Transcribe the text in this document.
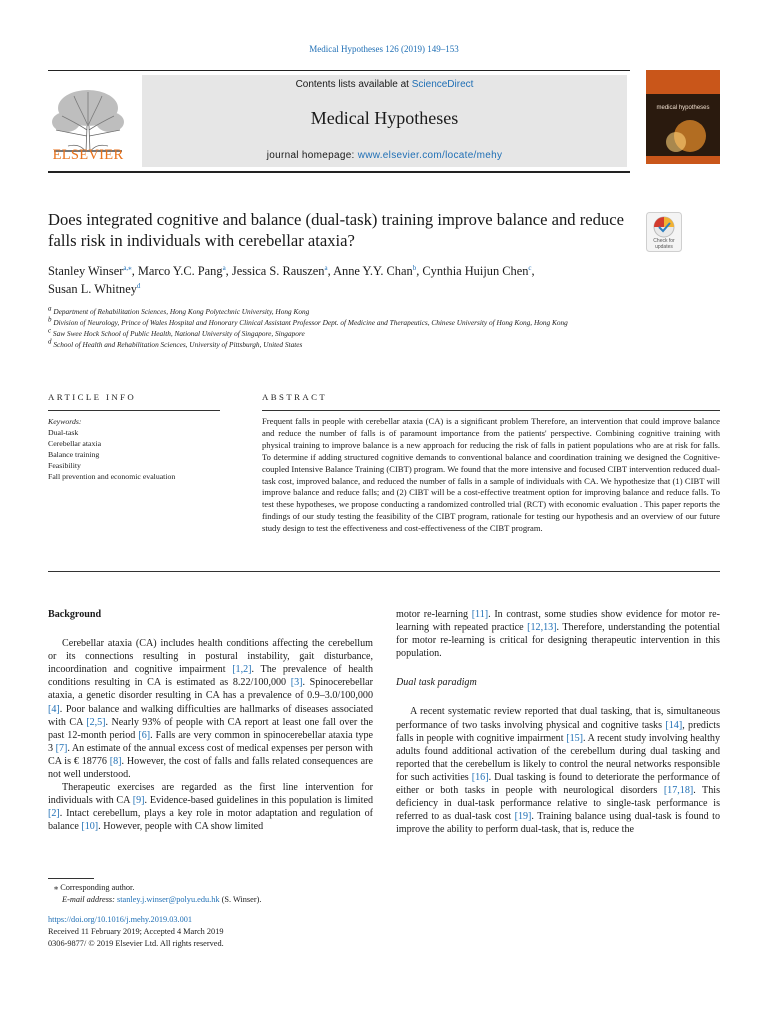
Medical Hypotheses 126 (2019) 149–153
ELSEVIER
Contents lists available at ScienceDirect
Medical Hypotheses
journal homepage: www.elsevier.com/locate/mehy
medical hypotheses
Does integrated cognitive and balance (dual-task) training improve balance and reduce falls risk in individuals with cerebellar ataxia?	Check for
updates
Stanley Winser$^{a,⁎}$, Marco Y.C. Pang$^a$, Jessica S. Rauszen$^a$, Anne Y.Y. Chan$^b$, Cynthia Huijun Chen$^c$,
Susan L. Whitney$^d$
$^a$ Department of Rehabilitation Sciences, Hong Kong Polytechnic University, Hong Kong
$^b$ Division of Neurology, Prince of Wales Hospital and Honorary Clinical Assistant Professor Dept. of Medicine and Therapeutics, Chinese University of Hong Kong, Hong Kong
$^c$ Saw Swee Hock School of Public Health, National University of Singapore, Singapore
$^d$ School of Health and Rehabilitation Sciences, University of Pittsburgh, United States
ARTICLE INFO	ABSTRACT
Keywords:
Dual-task
Cerebellar ataxia
Balance training
Feasibility
Fall prevention and economic evaluation
Frequent falls in people with cerebellar ataxia (CA) is a significant problem Therefore, an intervention that could improve balance and reduce the number of falls is of paramount importance from the patients' perspective. Combining cognitive training with physical training to improve balance is a new approach for reducing the risk of falls in patient populations who are at risk for falls. To determine if adding structured cognitive demands to conventional balance and coordination training we designed the Cognitive-coupled Intensive Balance Training (CIBT) program. We found that the more intensive and focused CIBT intervention reduced dual-task cost, improved balance, and reduced the number of falls in a sample of individuals with CA. We hypothesize that (1) CIBT will improve balance and reduce falls; and (2) CIBT will be a cost-effective treatment option for improving balance and reduce falls. To test these hypotheses, we propose conducting a randomized controlled trial (RCT) with economic evaluation . This paper reports the findings of our study testing the feasibility of the CIBT program, rationale for testing our hypothesis and an overview of our future study design to test the effectiveness and cost-effectiveness of the CIBT program.
Background

Cerebellar ataxia (CA) includes health conditions affecting the cerebellum or its connections resulting in postural instability, gait disturbance, incoordination and cognitive impairment [1,2]. The prevalence of health conditions resulting in CA is estimated as 8.22/100,000 [3]. Spinocerebellar ataxia, a genetic disorder resulting in CA has a prevalence of 0.9–3.0/100,000 [4]. Poor balance and walking difficulties are hallmarks of diseases associated with CA [2,5]. Nearly 93% of people with CA report at least one fall over the past 12-month period [6]. Falls are very common in spinocerebellar ataxia type 3 [7]. An estimate of the annual excess cost of medical expenses per person with CA is € 18776 [8]. However, the cost of falls and falls related consequences are not well understood.

Therapeutic exercises are regarded as the first line intervention for individuals with CA [9]. Evidence-based guidelines in this population is limited [2]. Intact cerebellum, plays a key role in motor adaptation and regulation of balance [10]. However, people with CA show limited

motor re-learning [11]. In contrast, some studies show evidence for motor re-learning with repeated practice [12,13]. Therefore, understanding the potential for motor re-learning is critical for designing therapeutic intervention in this population.

Dual task paradigm

A recent systematic review reported that dual tasking, that is, simultaneous performance of two tasks involving physical and cognitive tasks [14], predicts falls in people with cognitive impairment [15]. A recent study involving healthy adults found additional activation of the cerebellum during dual tasking and reported that the cerebellum is likely to control the neural networks responsible for such activities [16]. Dual tasking is found to deteriorate the performance of either or both tasks in people with neurological disorders [17,18]. This deficiency in dual-task performance relative to single-task performance is referred to as dual-task cost [19]. Training balance using dual-task is found to improve the ability to perform dual-task, that is, reduce the

⁎ Corresponding author.
E-mail address: stanley.j.winser@polyu.edu.hk (S. Winser).
https://doi.org/10.1016/j.mehy.2019.03.001
Received 11 February 2019; Accepted 4 March 2019
0306-9877/ © 2019 Elsevier Ltd. All rights reserved.
